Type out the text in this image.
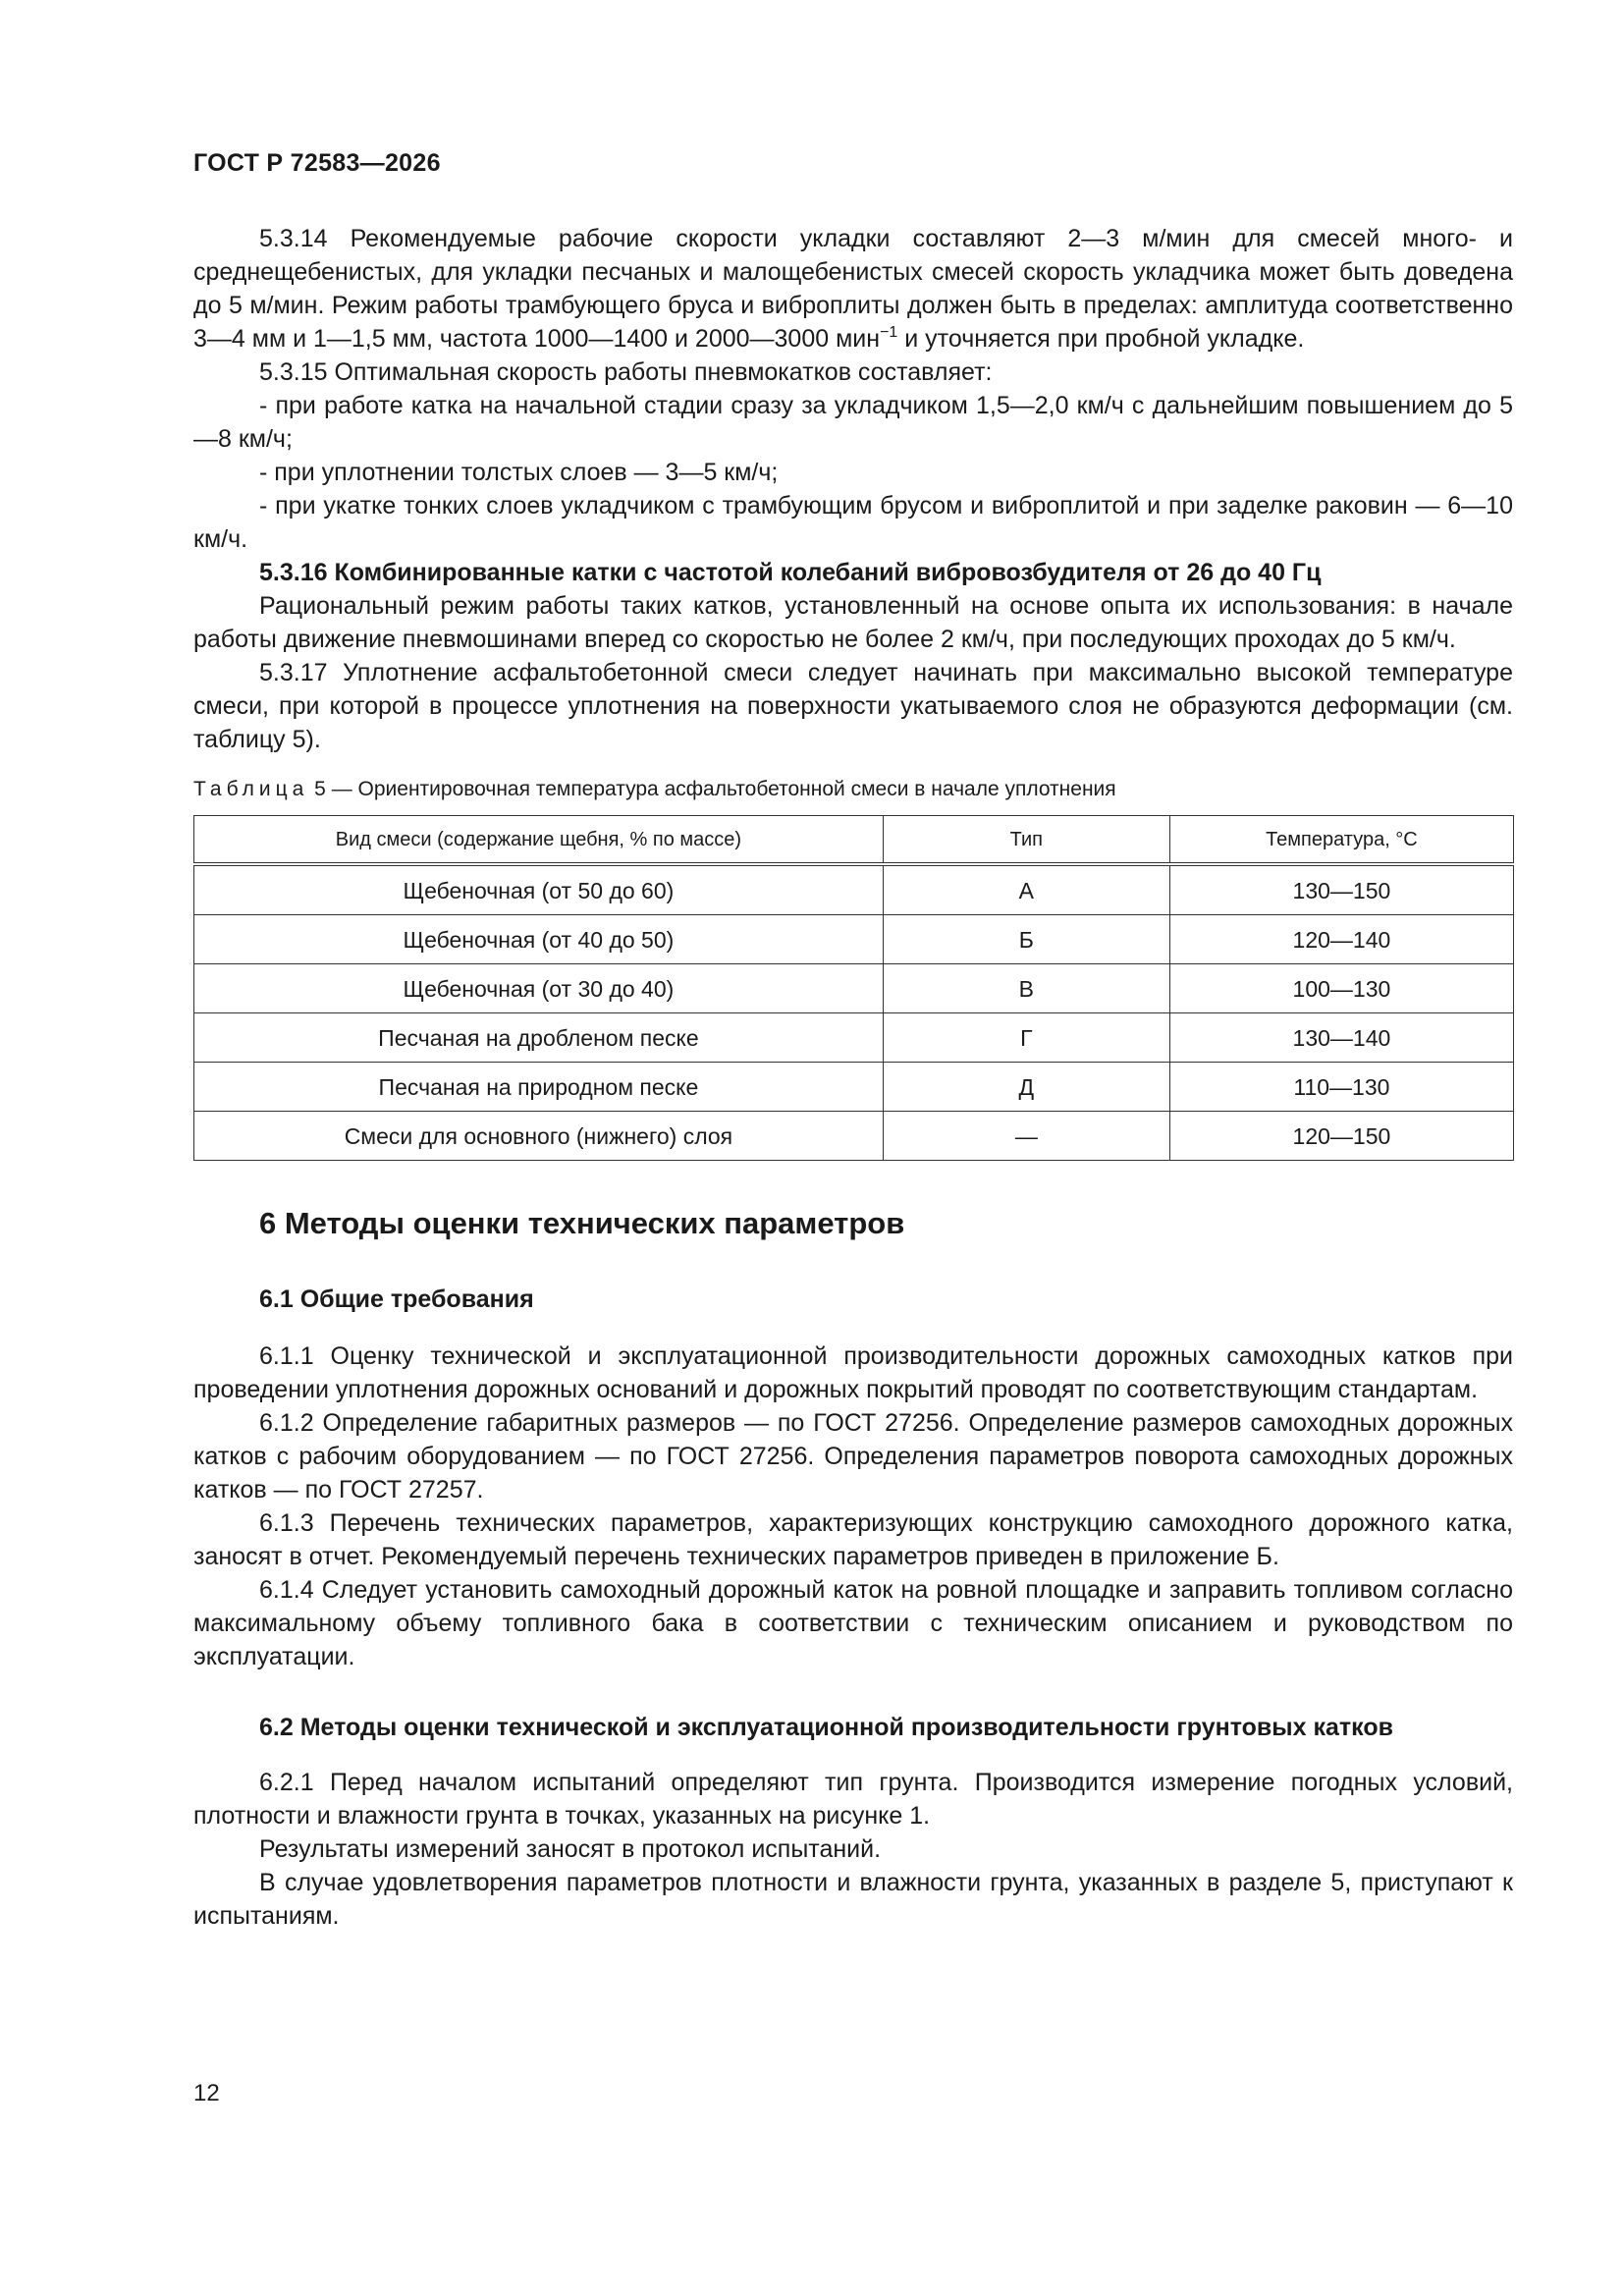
ГОСТ Р 72583—2026

5.3.14 Рекомендуемые рабочие скорости укладки составляют 2—3 м/мин для смесей много- и среднещебенистых, для укладки песчаных и малощебенистых смесей скорость укладчика может быть доведена до 5 м/мин. Режим работы трамбующего бруса и виброплиты должен быть в пределах: амплитуда соответственно 3—4 мм и 1—1,5 мм, частота 1000—1400 и 2000—3000 мин$^{-1}$ и уточняется при пробной укладке.

5.3.15 Оптимальная скорость работы пневмокатков составляет:

- при работе катка на начальной стадии сразу за укладчиком 1,5—2,0 км/ч с дальнейшим повышением до 5—8 км/ч;

- при уплотнении толстых слоев — 3—5 км/ч;

- при укатке тонких слоев укладчиком с трамбующим брусом и виброплитой и при заделке раковин — 6—10 км/ч.

5.3.16 Комбинированные катки с частотой колебаний вибровозбудителя от 26 до 40 Гц

Рациональный режим работы таких катков, установленный на основе опыта их использования: в начале работы движение пневмошинами вперед со скоростью не более 2 км/ч, при последующих проходах до 5 км/ч.

5.3.17 Уплотнение асфальтобетонной смеси следует начинать при максимально высокой температуре смеси, при которой в процессе уплотнения на поверхности укатываемого слоя не образуются деформации (см. таблицу 5).

Таблица 5 — Ориентировочная температура асфальтобетонной смеси в начале уплотнения
Вид смеси (содержание щебня, % по массе)	Тип	Температура, °С
Щебеночная (от 50 до 60)	А	130—150
Щебеночная (от 40 до 50)	Б	120—140
Щебеночная (от 30 до 40)	В	100—130
Песчаная на дробленом песке	Г	130—140
Песчаная на природном песке	Д	110—130
Смеси для основного (нижнего) слоя	—	120—150
6 Методы оценки технических параметров
6.1 Общие требования

6.1.1 Оценку технической и эксплуатационной производительности дорожных самоходных катков при проведении уплотнения дорожных оснований и дорожных покрытий проводят по соответствующим стандартам.

6.1.2 Определение габаритных размеров — по ГОСТ 27256. Определение размеров самоходных дорожных катков с рабочим оборудованием — по ГОСТ 27256. Определения параметров поворота самоходных дорожных катков — по ГОСТ 27257.

6.1.3 Перечень технических параметров, характеризующих конструкцию самоходного дорожного катка, заносят в отчет. Рекомендуемый перечень технических параметров приведен в приложение Б.

6.1.4 Следует установить самоходный дорожный каток на ровной площадке и заправить топливом согласно максимальному объему топливного бака в соответствии с техническим описанием и руководством по эксплуатации.

6.2 Методы оценки технической и эксплуатационной производительности грунтовых катков

6.2.1 Перед началом испытаний определяют тип грунта. Производится измерение погодных условий, плотности и влажности грунта в точках, указанных на рисунке 1.

Результаты измерений заносят в протокол испытаний.

В случае удовлетворения параметров плотности и влажности грунта, указанных в разделе 5, приступают к испытаниям.

12
